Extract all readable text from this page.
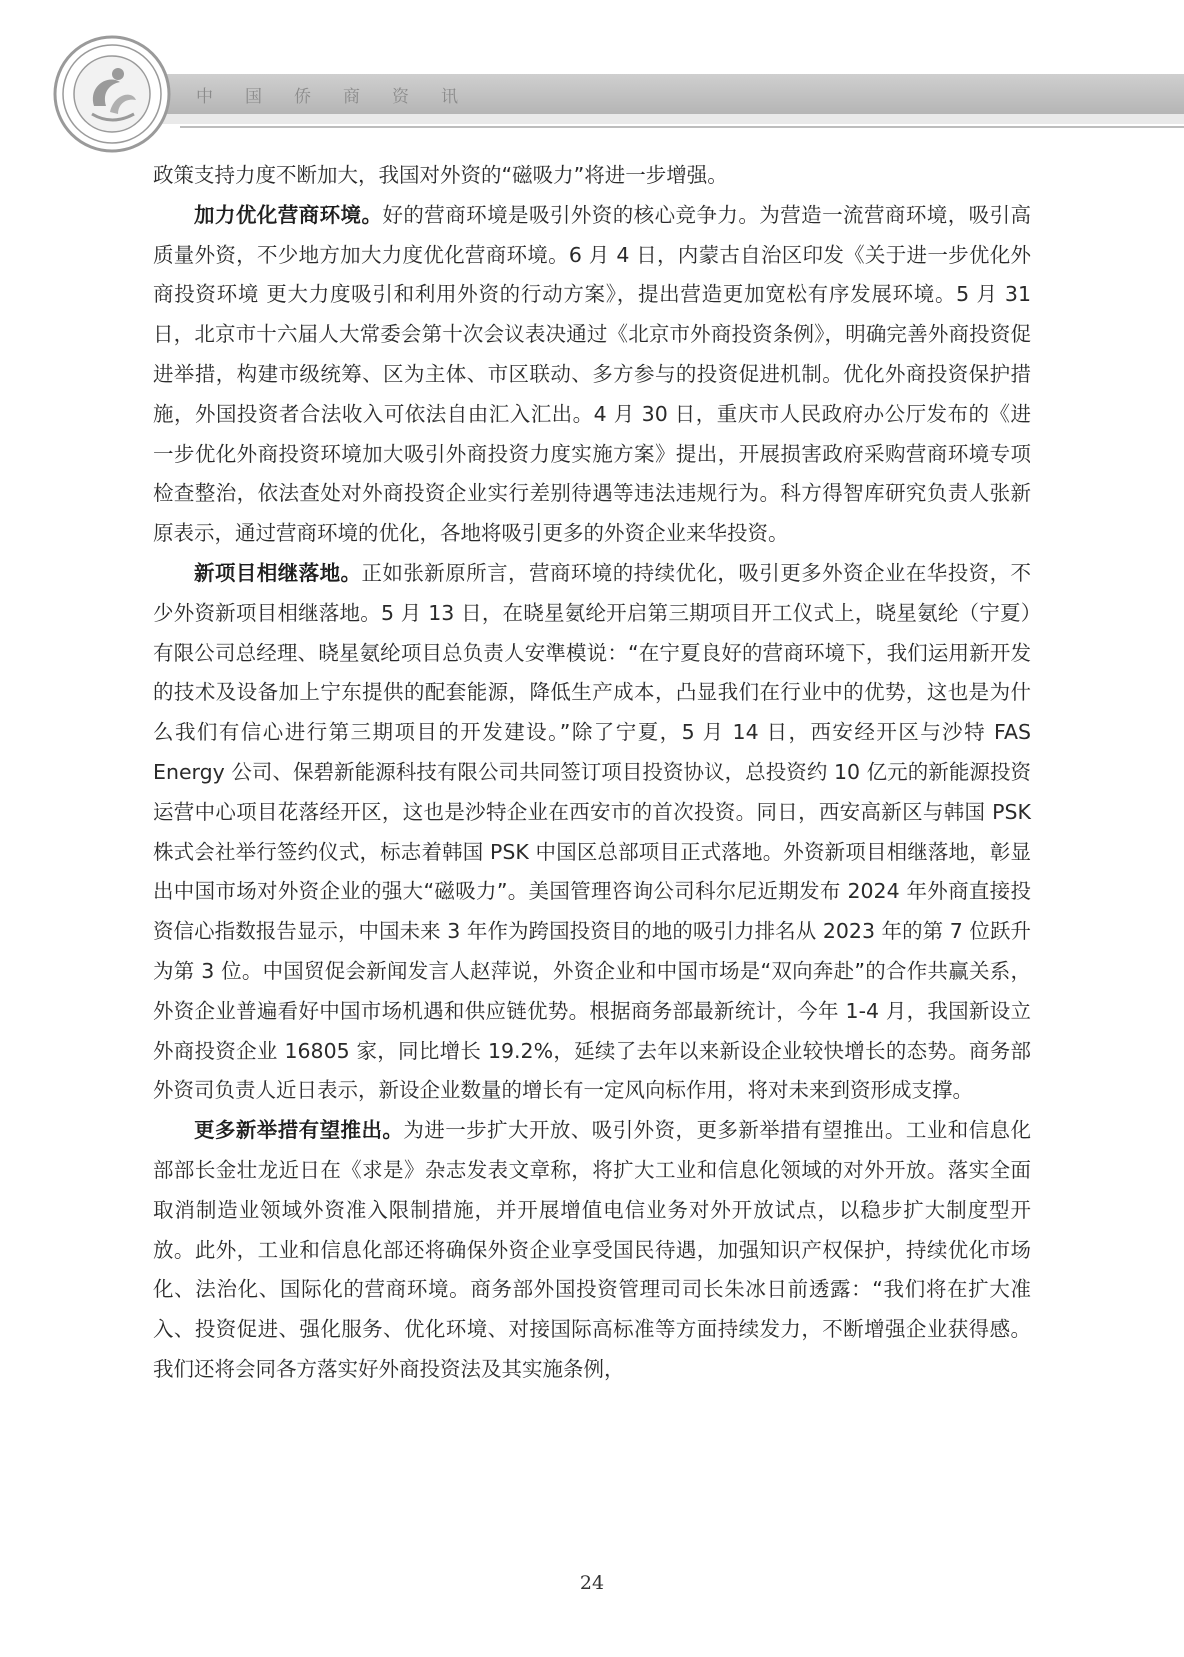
中国侨商资讯

政策支持力度不断加大，我国对外资的“磁吸力”将进一步增强。

加力优化营商环境。好的营商环境是吸引外资的核心竞争力。为营造一流营商环境，吸引高质量外资，不少地方加大力度优化营商环境。6 月 4 日，内蒙古自治区印发《关于进一步优化外商投资环境 更大力度吸引和利用外资的行动方案》，提出营造更加宽松有序发展环境。5 月 31 日，北京市十六届人大常委会第十次会议表决通过《北京市外商投资条例》，明确完善外商投资促进举措，构建市级统筹、区为主体、市区联动、多方参与的投资促进机制。优化外商投资保护措施，外国投资者合法收入可依法自由汇入汇出。4 月 30 日，重庆市人民政府办公厅发布的《进一步优化外商投资环境加大吸引外商投资力度实施方案》提出，开展损害政府采购营商环境专项检查整治，依法查处对外商投资企业实行差别待遇等违法违规行为。科方得智库研究负责人张新原表示，通过营商环境的优化，各地将吸引更多的外资企业来华投资。

新项目相继落地。正如张新原所言，营商环境的持续优化，吸引更多外资企业在华投资，不少外资新项目相继落地。5 月 13 日，在晓星氨纶开启第三期项目开工仪式上，晓星氨纶（宁夏）有限公司总经理、晓星氨纶项目总负责人安準模说：“在宁夏良好的营商环境下，我们运用新开发的技术及设备加上宁东提供的配套能源，降低生产成本，凸显我们在行业中的优势，这也是为什么我们有信心进行第三期项目的开发建设。”除了宁夏，5 月 14 日，西安经开区与沙特 FAS Energy 公司、保碧新能源科技有限公司共同签订项目投资协议，总投资约 10 亿元的新能源投资运营中心项目花落经开区，这也是沙特企业在西安市的首次投资。同日，西安高新区与韩国 PSK 株式会社举行签约仪式，标志着韩国 PSK 中国区总部项目正式落地。外资新项目相继落地，彰显出中国市场对外资企业的强大“磁吸力”。美国管理咨询公司科尔尼近期发布 2024 年外商直接投资信心指数报告显示，中国未来 3 年作为跨国投资目的地的吸引力排名从 2023 年的第 7 位跃升为第 3 位。中国贸促会新闻发言人赵萍说，外资企业和中国市场是“双向奔赴”的合作共赢关系，外资企业普遍看好中国市场机遇和供应链优势。根据商务部最新统计，今年 1-4 月，我国新设立外商投资企业 16805 家，同比增长 19.2%，延续了去年以来新设企业较快增长的态势。商务部外资司负责人近日表示，新设企业数量的增长有一定风向标作用，将对未来到资形成支撑。

更多新举措有望推出。为进一步扩大开放、吸引外资，更多新举措有望推出。工业和信息化部部长金壮龙近日在《求是》杂志发表文章称，将扩大工业和信息化领域的对外开放。落实全面取消制造业领域外资准入限制措施，并开展增值电信业务对外开放试点，以稳步扩大制度型开放。此外，工业和信息化部还将确保外资企业享受国民待遇，加强知识产权保护，持续优化市场化、法治化、国际化的营商环境。商务部外国投资管理司司长朱冰日前透露：“我们将在扩大准入、投资促进、强化服务、优化环境、对接国际高标准等方面持续发力，不断增强企业获得感。我们还将会同各方落实好外商投资法及其实施条例，

24
